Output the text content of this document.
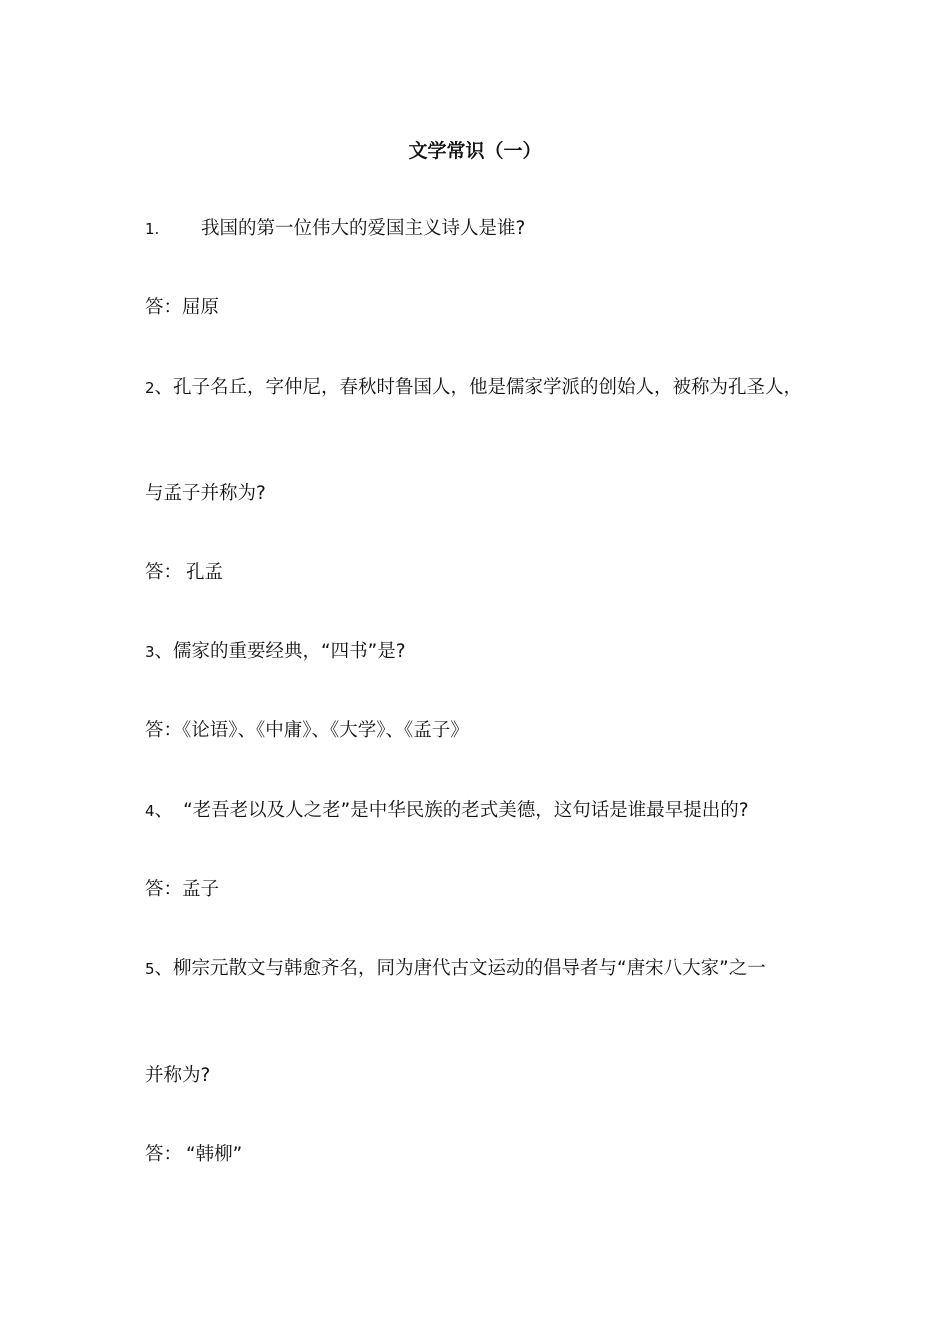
文学常识（一）
1. 我国的第一位伟大的爱国主义诗人是谁?
答：屈原
2、孔子名丘，字仲尼，春秋时鲁国人，他是儒家学派的创始人，被称为孔圣人，
与孟子并称为?
答： 孔孟
3、儒家的重要经典，“四书”是?
答：《论语》、《中庸》、《大学》、《孟子》
4、 “老吾老以及人之老”是中华民族的老式美德，这句话是谁最早提出的?
答：孟子
5、柳宗元散文与韩愈齐名，同为唐代古文运动的倡导者与“唐宋八大家”之一
并称为?
答： “韩柳”
